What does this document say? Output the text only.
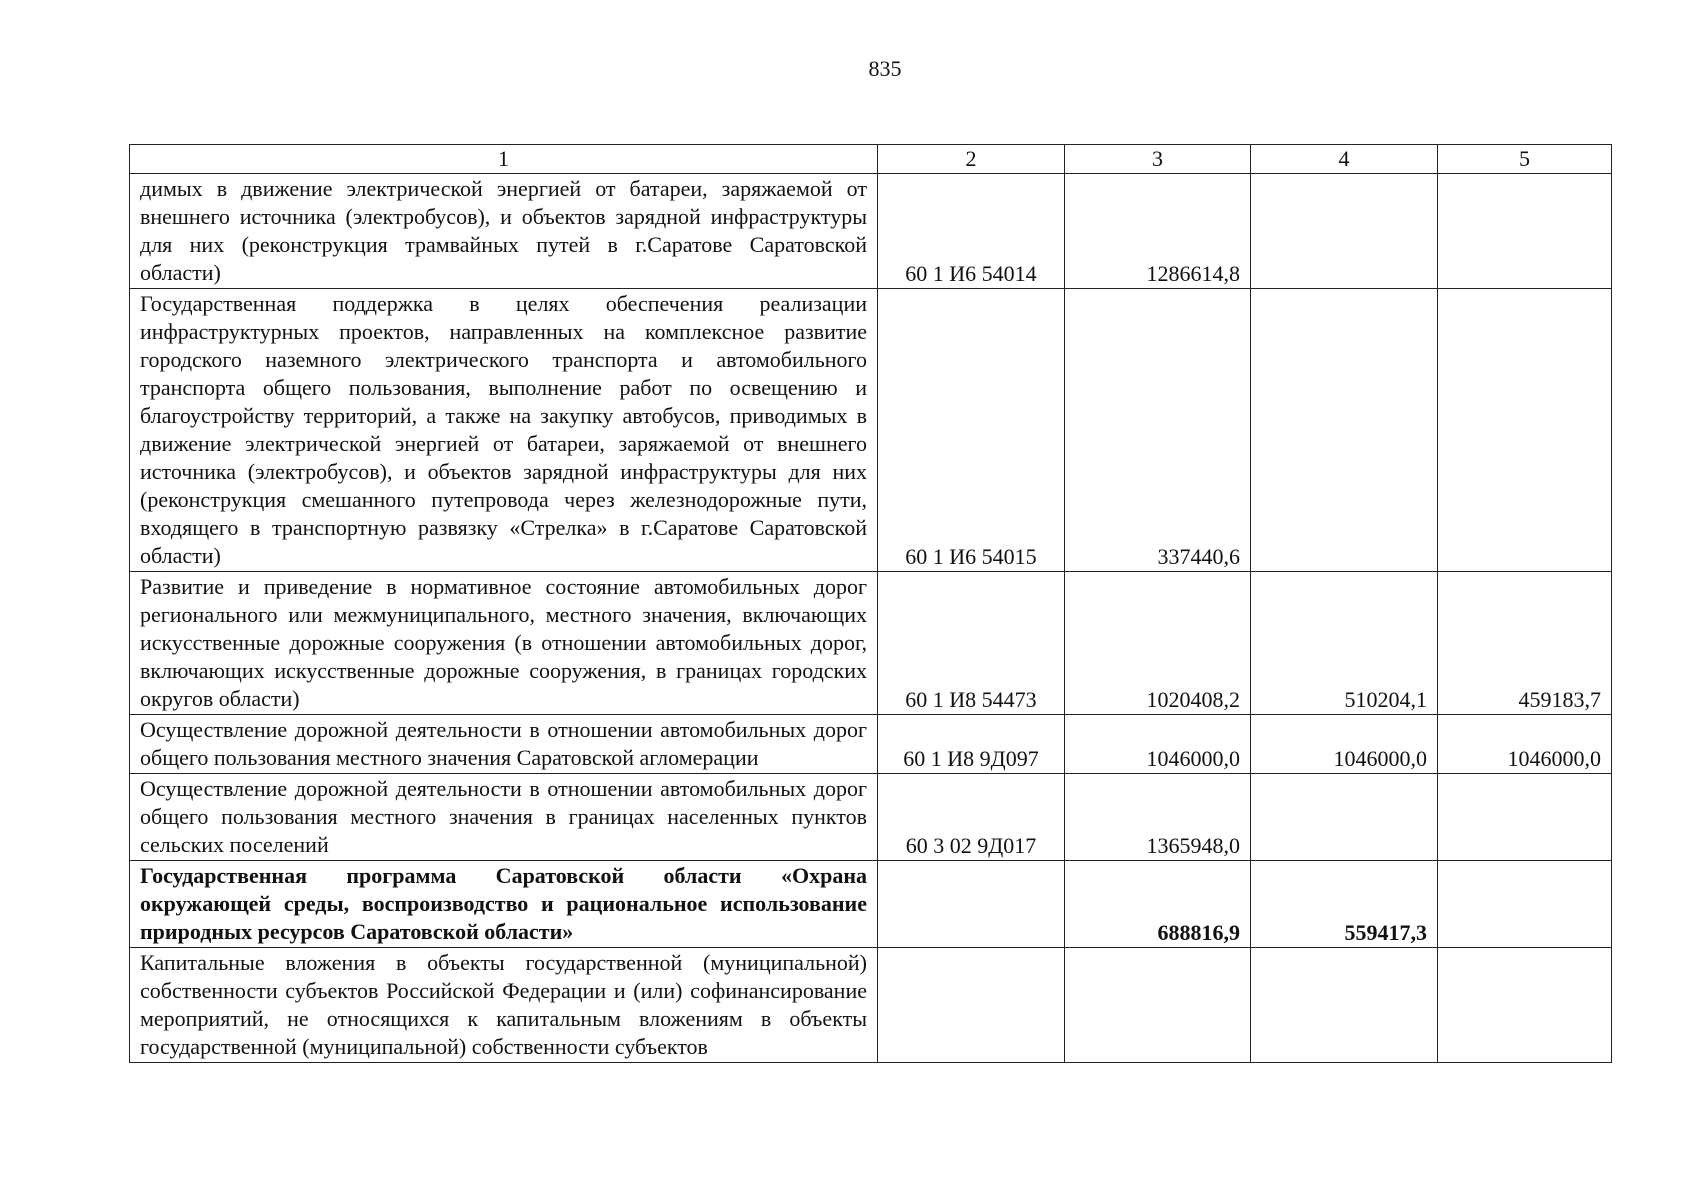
835
1	2	3	4	5
димых в движение электрической энергией от батареи, заряжаемой от внешнего источника (электробусов), и объектов зарядной инфраструктуры для них (реконструкция трамвайных путей в г.Саратове Саратовской области)	60 1 И6 54014	1286614,8		
Государственная поддержка в целях обеспечения реализации инфраструктурных проектов, направленных на комплексное развитие городского наземного электрического транспорта и автомобильного транспорта общего пользования, выполнение работ по освещению и благоустройству территорий, а также на закупку автобусов, приводимых в движение электрической энергией от батареи, заряжаемой от внешнего источника (электробусов), и объектов зарядной инфраструктуры для них (реконструкция смешанного путепровода через железнодорожные пути, входящего в транспортную развязку «Стрелка» в г.Саратове Саратовской области)	60 1 И6 54015	337440,6		
Развитие и приведение в нормативное состояние автомобильных дорог регионального или межмуниципального, местного значения, включающих искусственные дорожные сооружения (в отношении автомобильных дорог, включающих искусственные дорожные сооружения, в границах городских округов области)	60 1 И8 54473	1020408,2	510204,1	459183,7
Осуществление дорожной деятельности в отношении автомобильных дорог общего пользования местного значения Саратовской агломерации	60 1 И8 9Д097	1046000,0	1046000,0	1046000,0
Осуществление дорожной деятельности в отношении автомобильных дорог общего пользования местного значения в границах населенных пунктов сельских поселений	60 3 02 9Д017	1365948,0		
Государственная программа Саратовской области «Охрана окружающей среды, воспроизводство и рациональное использование природных ресурсов Саратовской области»		688816,9	559417,3	
Капитальные вложения в объекты государственной (муниципальной) собственности субъектов Российской Федерации и (или) софинансирование мероприятий, не относящихся к капитальным вложениям в объекты государственной (муниципальной) собственности субъектов				
